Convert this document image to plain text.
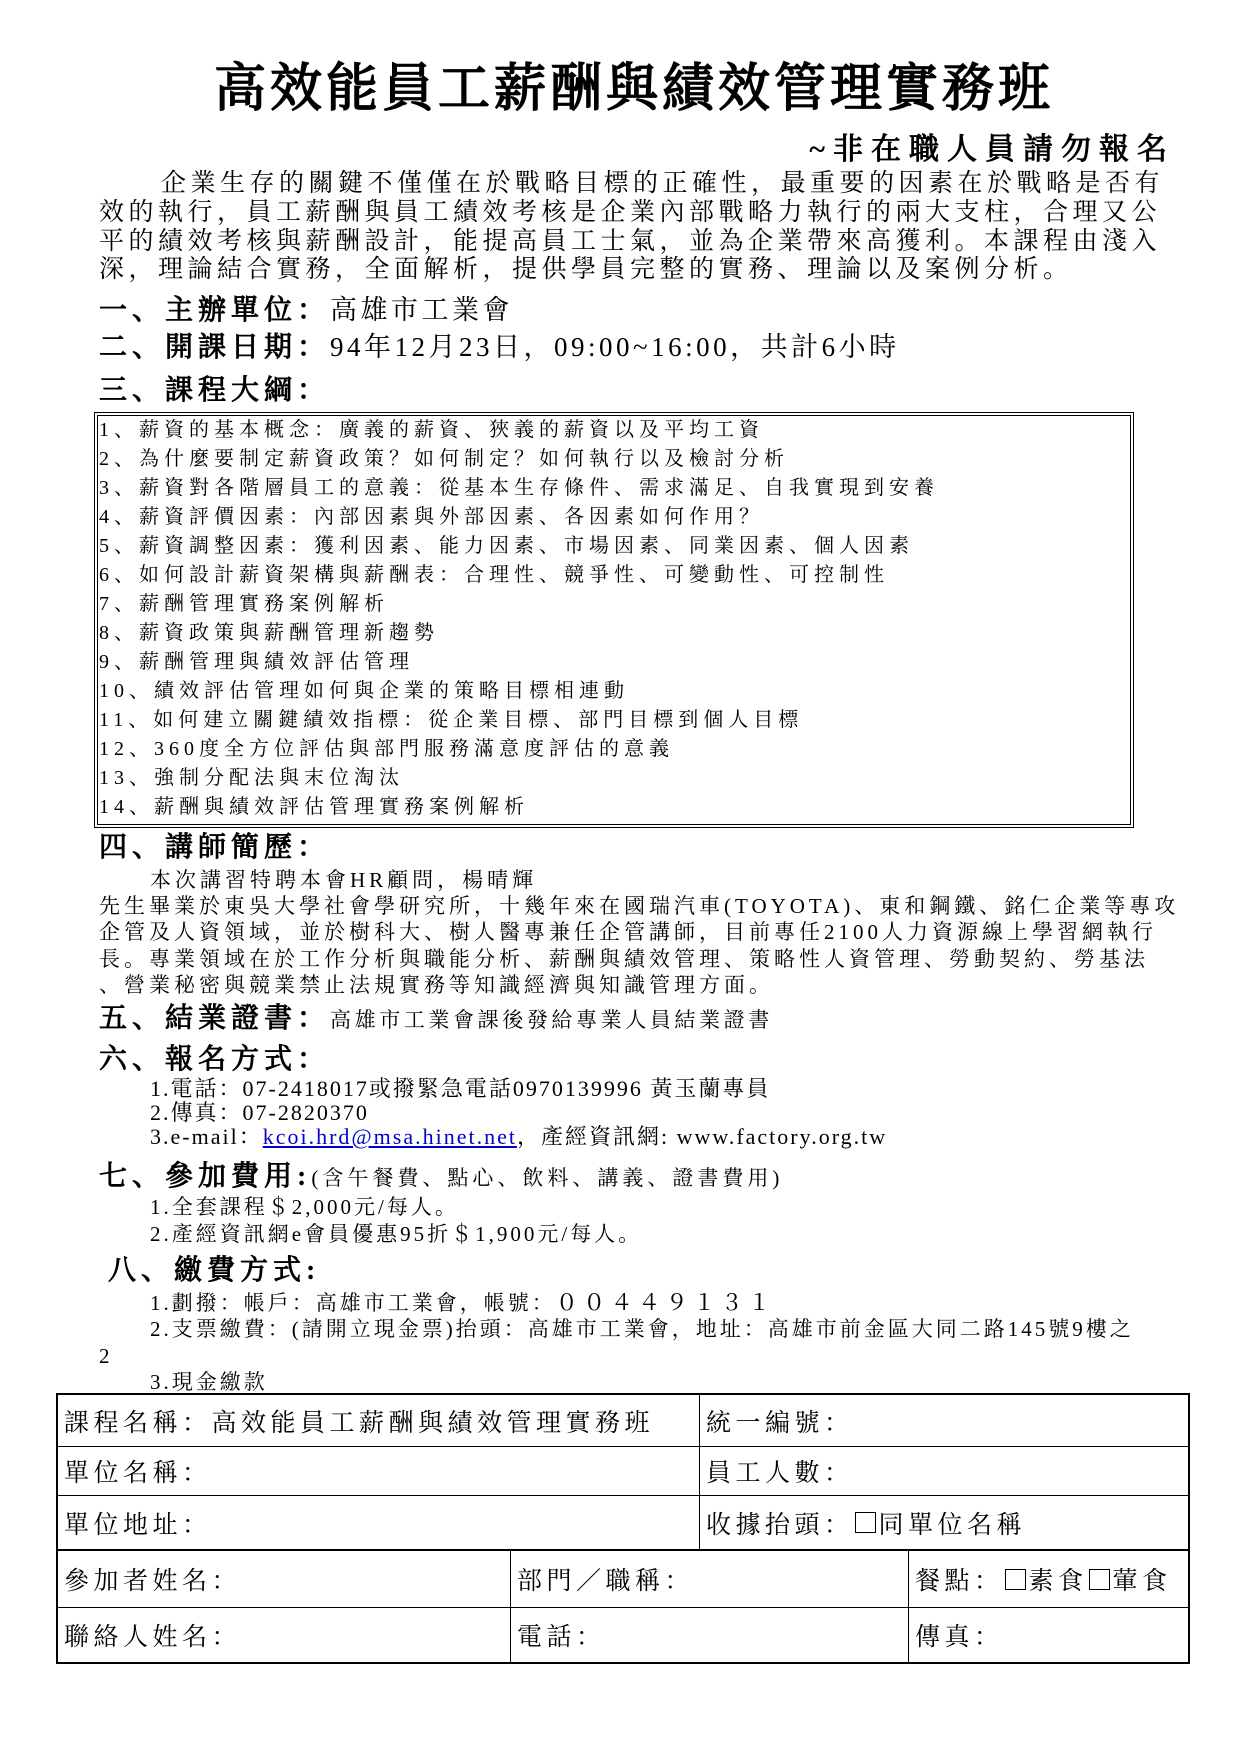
高效能員工薪酬與績效管理實務班
~非在職人員請勿報名
企業生存的關鍵不僅僅在於戰略目標的正確性，最重要的因素在於戰略是否有
效的執行，員工薪酬與員工績效考核是企業內部戰略力執行的兩大支柱，合理又公
平的績效考核與薪酬設計，能提高員工士氣，並為企業帶來高獲利。本課程由淺入
深，理論結合實務，全面解析，提供學員完整的實務、理論以及案例分析。
一、主辦單位：高雄市工業會
二、開課日期：94年12月23日，09:00~16:00，共計6小時
三、課程大綱：
1、薪資的基本概念：廣義的薪資、狹義的薪資以及平均工資
2、為什麼要制定薪資政策？如何制定？如何執行以及檢討分析
3、薪資對各階層員工的意義：從基本生存條件、需求滿足、自我實現到安養
4、薪資評價因素：內部因素與外部因素、各因素如何作用？
5、薪資調整因素：獲利因素、能力因素、市場因素、同業因素、個人因素
6、如何設計薪資架構與薪酬表：合理性、競爭性、可變動性、可控制性
7、薪酬管理實務案例解析
8、薪資政策與薪酬管理新趨勢
9、薪酬管理與績效評估管理
10、績效評估管理如何與企業的策略目標相連動
11、如何建立關鍵績效指標：從企業目標、部門目標到個人目標
12、360度全方位評估與部門服務滿意度評估的意義
13、強制分配法與末位淘汰
14、薪酬與績效評估管理實務案例解析
四、講師簡歷：
本次講習特聘本會HR顧問，楊晴輝
先生畢業於東吳大學社會學研究所，十幾年來在國瑞汽車(TOYOTA)、東和鋼鐵、銘仁企業等專攻
企管及人資領域，並於樹科大、樹人醫專兼任企管講師，目前專任2100人力資源線上學習網執行
長。專業領域在於工作分析與職能分析、薪酬與績效管理、策略性人資管理、勞動契約、勞基法
、營業秘密與競業禁止法規實務等知識經濟與知識管理方面。
五、結業證書：高雄市工業會課後發給專業人員結業證書
六、報名方式：
1.電話：07-2418017或撥緊急電話0970139996 黃玉蘭專員
2.傳真：07-2820370
3.e-mail：kcoi.hrd@msa.hinet.net，產經資訊網: www.factory.org.tw
七、參加費用:(含午餐費、點心、飲料、講義、證書費用)
1.全套課程＄2,000元/每人。
2.產經資訊網e會員優惠95折＄1,900元/每人。
八、繳費方式:
1.劃撥：帳戶：高雄市工業會，帳號：００４４９１３１
2.支票繳費：(請開立現金票)抬頭：高雄市工業會，地址：高雄市前金區大同二路145號9樓之
2
3.現金繳款
課程名稱：高效能員工薪酬與績效管理實務班 統一編號：
單位名稱：	員工人數：
單位地址：	收據抬頭： 同單位名稱
參加者姓名：	部門／職稱：	餐點： 素食 葷食
聯絡人姓名：	電話：	傳真：
